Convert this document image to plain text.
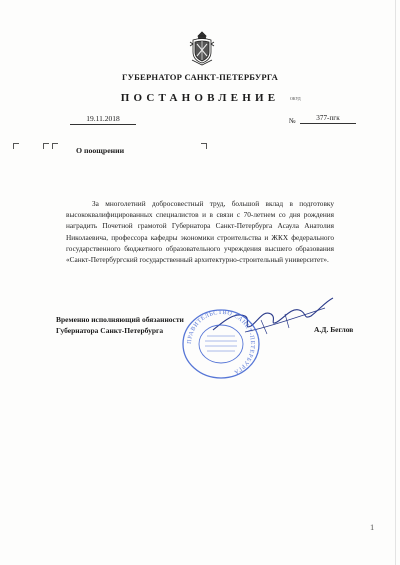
ГУБЕРНАТОР САНКТ-ПЕТЕРБУРГА
ПОСТАНОВЛЕНИЕ	ОКУД
19.11.2018	№	377-пгк
О поощрении
За многолетний добросовестный труд, большой вклад в подготовку высококвалифицированных специалистов и в связи с 70-летнем со дня рождения наградить Почетной грамотой Губернатора Санкт-Петербурга Асаула Анатолия Николаевича, профессора кафедры экономики строительства и ЖКХ федерального государственного бюджетного образовательного учреждения высшего образования «Санкт-Петербургский государственный архитектурно-строительный университет».
ПРАВИТЕЛЬСТВО САНКТ-ПЕТЕРБУРГА
Временно исполняющий обязанности
Губернатора Санкт-Петербурга	А.Д. Беглов
1
